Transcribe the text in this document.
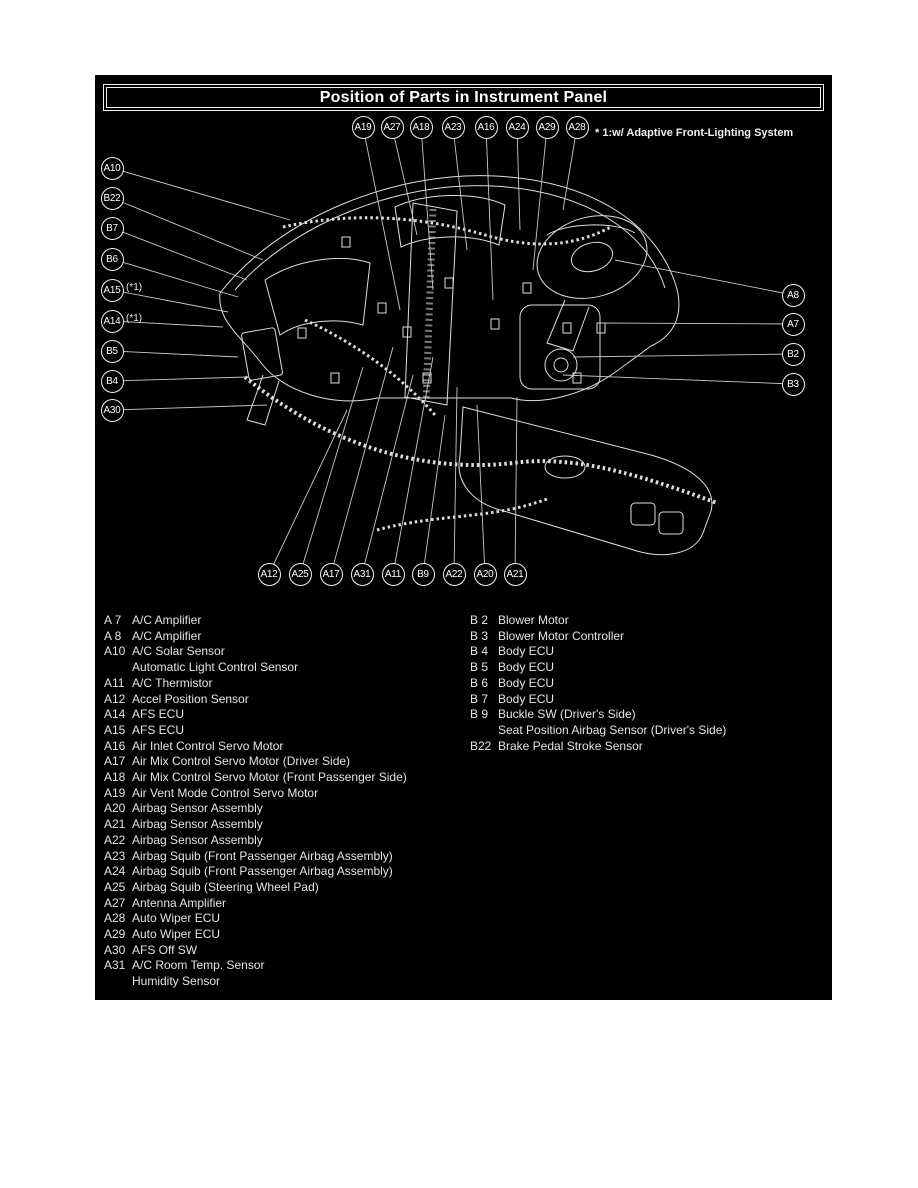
Position of Parts in Instrument Panel
* 1:w/ Adaptive Front-Lighting System
A19	A27	A18	A23	A16	A24	A29	A28
A10
B22
B7
B6
A15 (*1)
A14 (*1)
B5
B4
A30
A8
A7
B2
B3
A12	A25	A17	A31	A11	B9	A22	A20	A21
A 7 A/C Amplifier
A 8 A/C Amplifier
A10 A/C Solar Sensor
Automatic Light Control Sensor
A11 A/C Thermistor
A12 Accel Position Sensor
A14 AFS ECU
A15 AFS ECU
A16 Air Inlet Control Servo Motor
A17 Air Mix Control Servo Motor (Driver Side)
A18 Air Mix Control Servo Motor (Front Passenger Side)
A19 Air Vent Mode Control Servo Motor
A20 Airbag Sensor Assembly
A21 Airbag Sensor Assembly
A22 Airbag Sensor Assembly
A23 Airbag Squib (Front Passenger Airbag Assembly)
A24 Airbag Squib (Front Passenger Airbag Assembly)
A25 Airbag Squib (Steering Wheel Pad)
A27 Antenna Amplifier
A28 Auto Wiper ECU
A29 Auto Wiper ECU
A30 AFS Off SW
A31 A/C Room Temp. Sensor
Humidity Sensor
B 2 Blower Motor
B 3 Blower Motor Controller
B 4 Body ECU
B 5 Body ECU
B 6 Body ECU
B 7 Body ECU
B 9 Buckle SW (Driver's Side)
Seat Position Airbag Sensor (Driver's Side)
B22 Brake Pedal Stroke Sensor
